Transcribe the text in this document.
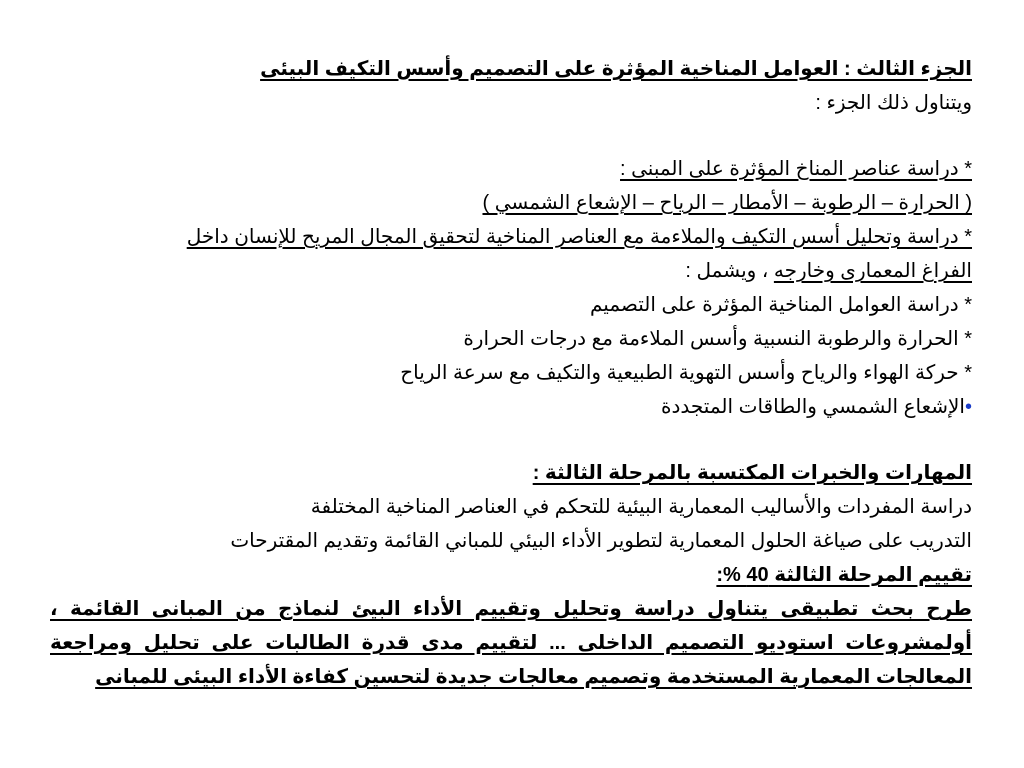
الجزء الثالث : العوامل المناخية المؤثرة على التصميم وأسس التكيف البيئى
ويتناول ذلك الجزء :
* دراسة عناصر المناخ المؤثرة على المبنى :
( الحرارة – الرطوبة – الأمطار – الرياح – الإشعاع الشمسي )
* دراسة وتحليل أسس التكيف والملاءمة مع العناصر المناخية لتحقيق المجال المريح للإنسان داخل
الفراغ المعمارى وخارجه ، ويشمل :
* دراسة العوامل المناخية المؤثرة على التصميم
* الحرارة والرطوبة النسبية وأسس الملاءمة مع درجات الحرارة
* حركة الهواء والرياح وأسس التهوية الطبيعية والتكيف مع سرعة الرياح
•الإشعاع الشمسي والطاقات المتجددة
المهارات والخبرات المكتسبة بالمرحلة الثالثة :
دراسة المفردات والأساليب المعمارية البيئية للتحكم في العناصر المناخية المختلفة
التدريب على صياغة الحلول المعمارية لتطوير الأداء البيئي للمباني القائمة وتقديم المقترحات
تقييم المرحلة الثالثة 40 %:
طرح بحث تطبيقى يتناول دراسة وتحليل وتقييم الأداء البيئ لنماذج من المبانى القائمة ،
أولمشروعات استوديو التصميم الداخلى ... لتقييم مدى قدرة الطالبات على تحليل ومراجعة
المعالجات المعمارية المستخدمة وتصميم معالجات جديدة لتحسين كفاءة الأداء البيئى للمبانى
